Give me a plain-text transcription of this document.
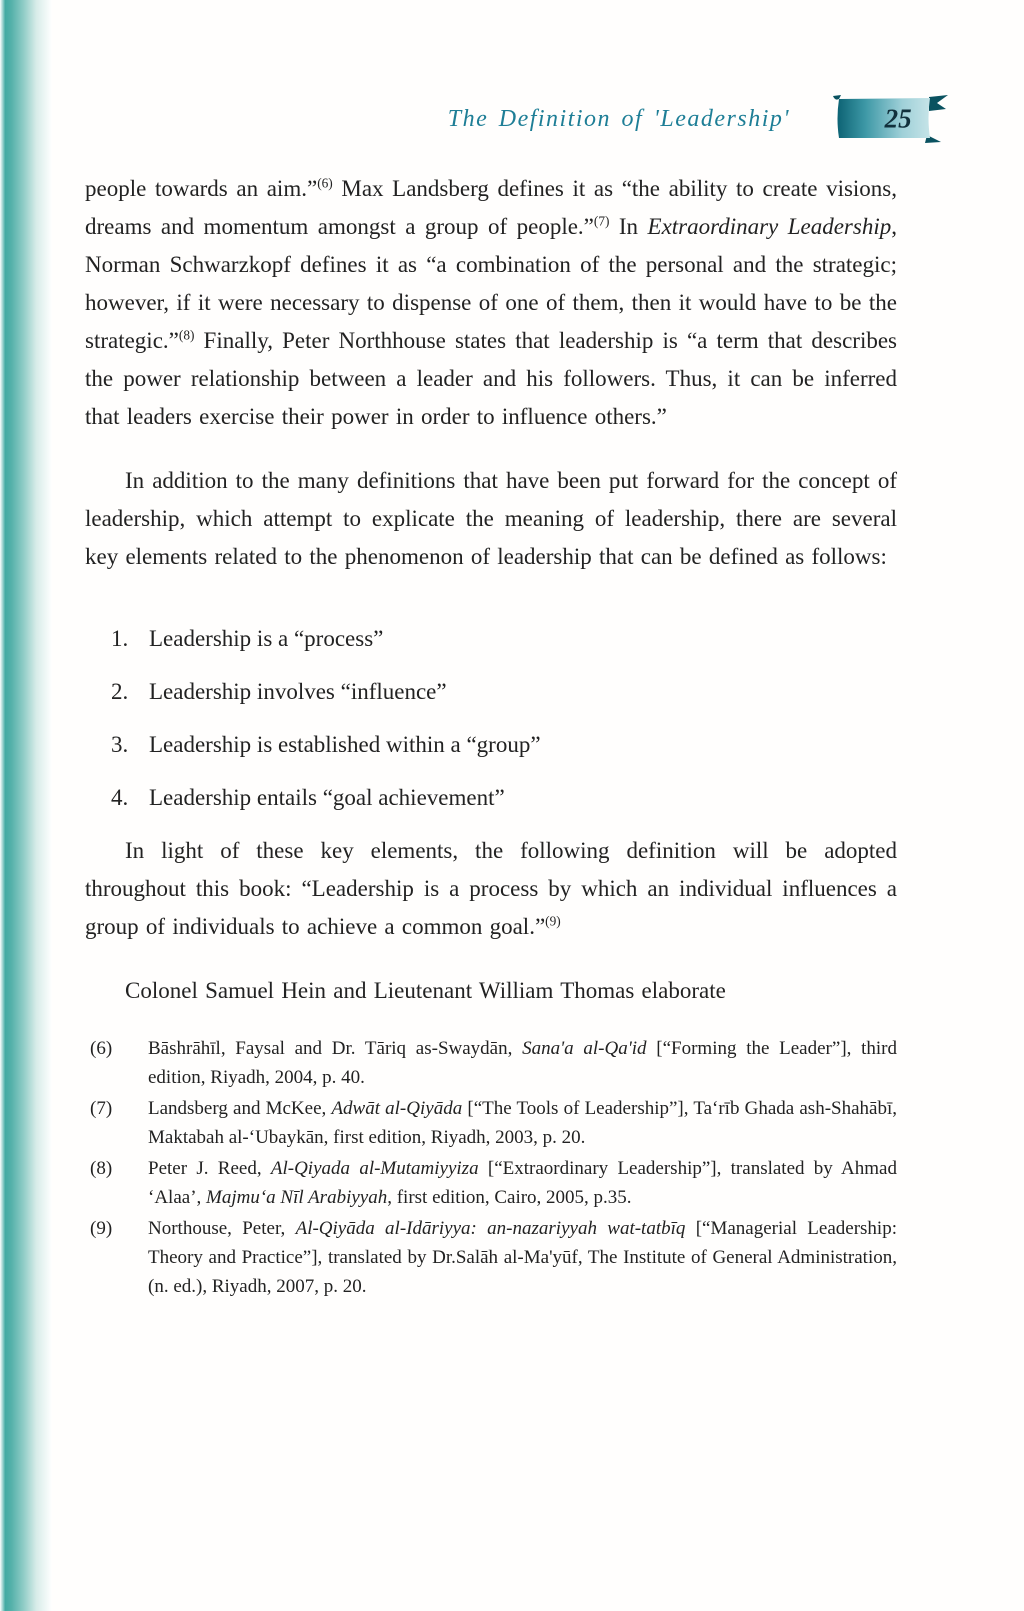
The Definition of 'Leadership'	25

people towards an aim.”$^{(6)}$ Max Landsberg defines it as “the ability to create visions, dreams and momentum amongst a group of people.”$^{(7)}$ In Extraordinary Leadership, Norman Schwarzkopf defines it as “a combination of the personal and the strategic; however, if it were necessary to dispense of one of them, then it would have to be the strategic.”$^{(8)}$ Finally, Peter Northhouse states that leadership is “a term that describes the power relationship between a leader and his followers. Thus, it can be inferred that leaders exercise their power in order to influence others.”

In addition to the many definitions that have been put forward for the concept of leadership, which attempt to explicate the meaning of leadership, there are several key elements related to the phenomenon of leadership that can be defined as follows:

1. Leadership is a “process”
2. Leadership involves “influence”
3. Leadership is established within a “group”
4. Leadership entails “goal achievement”

In light of these key elements, the following definition will be adopted throughout this book: “Leadership is a process by which an individual influences a group of individuals to achieve a common goal.”$^{(9)}$

Colonel Samuel Hein and Lieutenant William Thomas elaborate

(6)	Bāshrāhīl, Faysal and Dr. Tāriq as-Swaydān, Sana'a al-Qa'id [“Forming the Leader”], third edition, Riyadh, 2004, p. 40.
(7)	Landsberg and McKee, Adwāt al-Qiyāda [“The Tools of Leadership”], Ta‘rīb Ghada ash-Shahābī, Maktabah al-‘Ubaykān, first edition, Riyadh, 2003, p. 20.
(8)	Peter J. Reed, Al-Qiyada al-Mutamiyyiza [“Extraordinary Leadership”], translated by Ahmad ‘Alaa’, Majmu‘a Nīl Arabiyyah, first edition, Cairo, 2005, p.35.
(9)	Northouse, Peter, Al-Qiyāda al-Idāriyya: an-nazariyyah wat-tatbīq [“Managerial Leadership: Theory and Practice”], translated by Dr.Salāh al-Ma'yūf, The Institute of General Administration, (n. ed.), Riyadh, 2007, p. 20.
